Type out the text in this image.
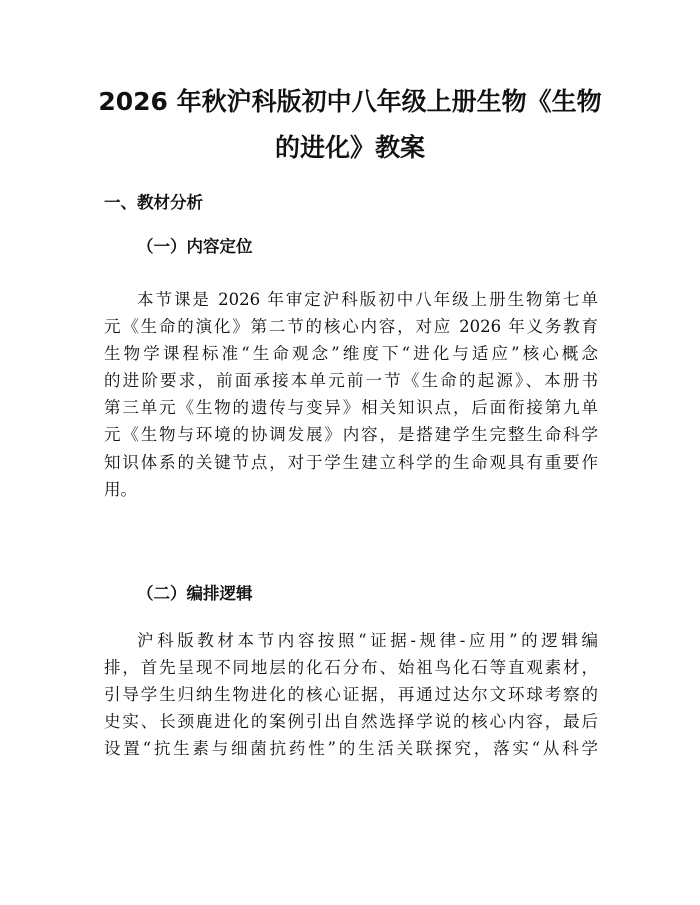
2026 年秋沪科版初中八年级上册生物《生物
的进化》教案
一、教材分析
（一）内容定位
本节课是 2026 年审定沪科版初中八年级上册生物第七单
元《生命的演化》第二节的核心内容，对应 2026 年义务教育
生物学课程标准“生命观念”维度下“进化与适应”核心概念
的进阶要求，前面承接本单元前一节《生命的起源》、本册书
第三单元《生物的遗传与变异》相关知识点，后面衔接第九单
元《生物与环境的协调发展》内容，是搭建学生完整生命科学
知识体系的关键节点，对于学生建立科学的生命观具有重要作
用。
（二）编排逻辑
沪科版教材本节内容按照“证据-规律-应用”的逻辑编
排，首先呈现不同地层的化石分布、始祖鸟化石等直观素材，
引导学生归纳生物进化的核心证据，再通过达尔文环球考察的
史实、长颈鹿进化的案例引出自然选择学说的核心内容，最后
设置“抗生素与细菌抗药性”的生活关联探究，落实“从科学
